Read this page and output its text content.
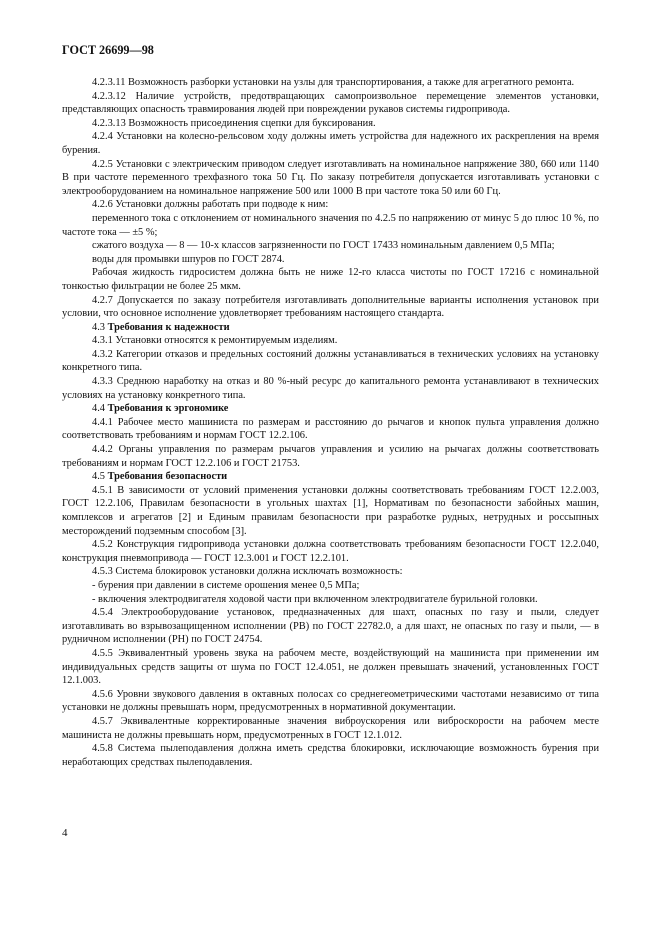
ГОСТ 26699—98

4.2.3.11 Возможность разборки установки на узлы для транспортирования, а также для агрегатного ремонта.

4.2.3.12 Наличие устройств, предотвращающих самопроизвольное перемещение элементов установки, представляющих опасность травмирования людей при повреждении рукавов системы гидропривода.

4.2.3.13 Возможность присоединения сцепки для буксирования.

4.2.4 Установки на колесно-рельсовом ходу должны иметь устройства для надежного их раскрепления на время бурения.

4.2.5 Установки с электрическим приводом следует изготавливать на номинальное напряжение 380, 660 или 1140 В при частоте переменного трехфазного тока 50 Гц. По заказу потребителя допускается изготавливать установки с электрооборудованием на номинальное напряжение 500 или 1000 В при частоте тока 50 или 60 Гц.

4.2.6 Установки должны работать при подводе к ним:

переменного тока с отклонением от номинального значения по 4.2.5 по напряжению от минус 5 до плюс 10 %, по частоте тока — ±5 %;

сжатого воздуха — 8 — 10-х классов загрязненности по ГОСТ 17433 номинальным давлением 0,5 МПа;

воды для промывки шпуров по ГОСТ 2874.

Рабочая жидкость гидросистем должна быть не ниже 12-го класса чистоты по ГОСТ 17216 с номинальной тонкостью фильтрации не более 25 мкм.

4.2.7 Допускается по заказу потребителя изготавливать дополнительные варианты исполнения установок при условии, что основное исполнение удовлетворяет требованиям настоящего стандарта.

4.3 Требования к надежности

4.3.1 Установки относятся к ремонтируемым изделиям.

4.3.2 Категории отказов и предельных состояний должны устанавливаться в технических условиях на установку конкретного типа.

4.3.3 Среднюю наработку на отказ и 80 %-ный ресурс до капитального ремонта устанавливают в технических условиях на установку конкретного типа.

4.4 Требования к эргономике

4.4.1 Рабочее место машиниста по размерам и расстоянию до рычагов и кнопок пульта управления должно соответствовать требованиям и нормам ГОСТ 12.2.106.

4.4.2 Органы управления по размерам рычагов управления и усилию на рычагах должны соответствовать требованиям и нормам ГОСТ 12.2.106 и ГОСТ 21753.

4.5 Требования безопасности

4.5.1 В зависимости от условий применения установки должны соответствовать требованиям ГОСТ 12.2.003, ГОСТ 12.2.106, Правилам безопасности в угольных шахтах [1], Нормативам по безопасности забойных машин, комплексов и агрегатов [2] и Единым правилам безопасности при разработке рудных, нетрудных и россыпных месторождений подземным способом [3].

4.5.2 Конструкция гидропривода установки должна соответствовать требованиям безопасности ГОСТ 12.2.040, конструкция пневмопривода — ГОСТ 12.3.001 и ГОСТ 12.2.101.

4.5.3 Система блокировок установки должна исключать возможность:

- бурения при давлении в системе орошения менее 0,5 МПа;

- включения электродвигателя ходовой части при включенном электродвигателе бурильной головки.

4.5.4 Электрооборудование установок, предназначенных для шахт, опасных по газу и пыли, следует изготавливать во взрывозащищенном исполнении (РВ) по ГОСТ 22782.0, а для шахт, не опасных по газу и пыли, — в рудничном исполнении (РН) по ГОСТ 24754.

4.5.5 Эквивалентный уровень звука на рабочем месте, воздействующий на машиниста при применении им индивидуальных средств защиты от шума по ГОСТ 12.4.051, не должен превышать значений, установленных ГОСТ 12.1.003.

4.5.6 Уровни звукового давления в октавных полосах со среднегеометрическими частотами независимо от типа установки не должны превышать норм, предусмотренных в нормативной документации.

4.5.7 Эквивалентные корректированные значения виброускорения или виброскорости на рабочем месте машиниста не должны превышать норм, предусмотренных в ГОСТ 12.1.012.

4.5.8 Система пылеподавления должна иметь средства блокировки, исключающие возможность бурения при неработающих средствах пылеподавления.

4
